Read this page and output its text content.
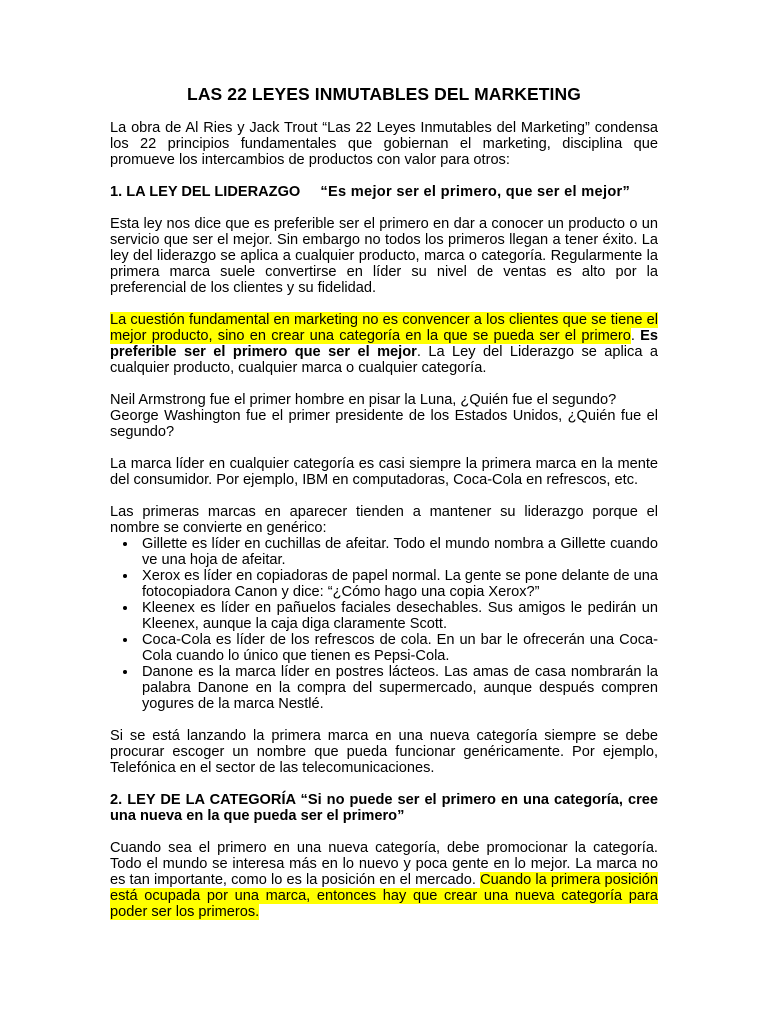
LAS 22 LEYES INMUTABLES DEL MARKETING

La obra de Al Ries y Jack Trout “Las 22 Leyes Inmutables del Marketing” condensa los 22 principios fundamentales que gobiernan el marketing, disciplina que promueve los intercambios de productos con valor para otros:

1. LA LEY DEL LIDERAZGO “Es mejor ser el primero, que ser el mejor”

Esta ley nos dice que es preferible ser el primero en dar a conocer un producto o un servicio que ser el mejor. Sin embargo no todos los primeros llegan a tener éxito. La ley del liderazgo se aplica a cualquier producto, marca o categoría. Regularmente la primera marca suele convertirse en líder su nivel de ventas es alto por la preferencial de los clientes y su fidelidad.

La cuestión fundamental en marketing no es convencer a los clientes que se tiene el mejor producto, sino en crear una categoría en la que se pueda ser el primero. Es preferible ser el primero que ser el mejor. La Ley del Liderazgo se aplica a cualquier producto, cualquier marca o cualquier categoría.

Neil Armstrong fue el primer hombre en pisar la Luna, ¿Quién fue el segundo?
George Washington fue el primer presidente de los Estados Unidos, ¿Quién fue el segundo?

La marca líder en cualquier categoría es casi siempre la primera marca en la mente del consumidor. Por ejemplo, IBM en computadoras, Coca-Cola en refrescos, etc.

Las primeras marcas en aparecer tienden a mantener su liderazgo porque el nombre se convierte en genérico:

• Gillette es líder en cuchillas de afeitar. Todo el mundo nombra a Gillette cuando ve una hoja de afeitar.
• Xerox es líder en copiadoras de papel normal. La gente se pone delante de una fotocopiadora Canon y dice: “¿Cómo hago una copia Xerox?”
• Kleenex es líder en pañuelos faciales desechables. Sus amigos le pedirán un Kleenex, aunque la caja diga claramente Scott.
• Coca-Cola es líder de los refrescos de cola. En un bar le ofrecerán una Coca-Cola cuando lo único que tienen es Pepsi-Cola.
• Danone es la marca líder en postres lácteos. Las amas de casa nombrarán la palabra Danone en la compra del supermercado, aunque después compren yogures de la marca Nestlé.

Si se está lanzando la primera marca en una nueva categoría siempre se debe procurar escoger un nombre que pueda funcionar genéricamente. Por ejemplo, Telefónica en el sector de las telecomunicaciones.

2. LEY DE LA CATEGORÍA “Si no puede ser el primero en una categoría, cree una nueva en la que pueda ser el primero”

Cuando sea el primero en una nueva categoría, debe promocionar la categoría. Todo el mundo se interesa más en lo nuevo y poca gente en lo mejor. La marca no es tan importante, como lo es la posición en el mercado. Cuando la primera posición está ocupada por una marca, entonces hay que crear una nueva categoría para poder ser los primeros.
